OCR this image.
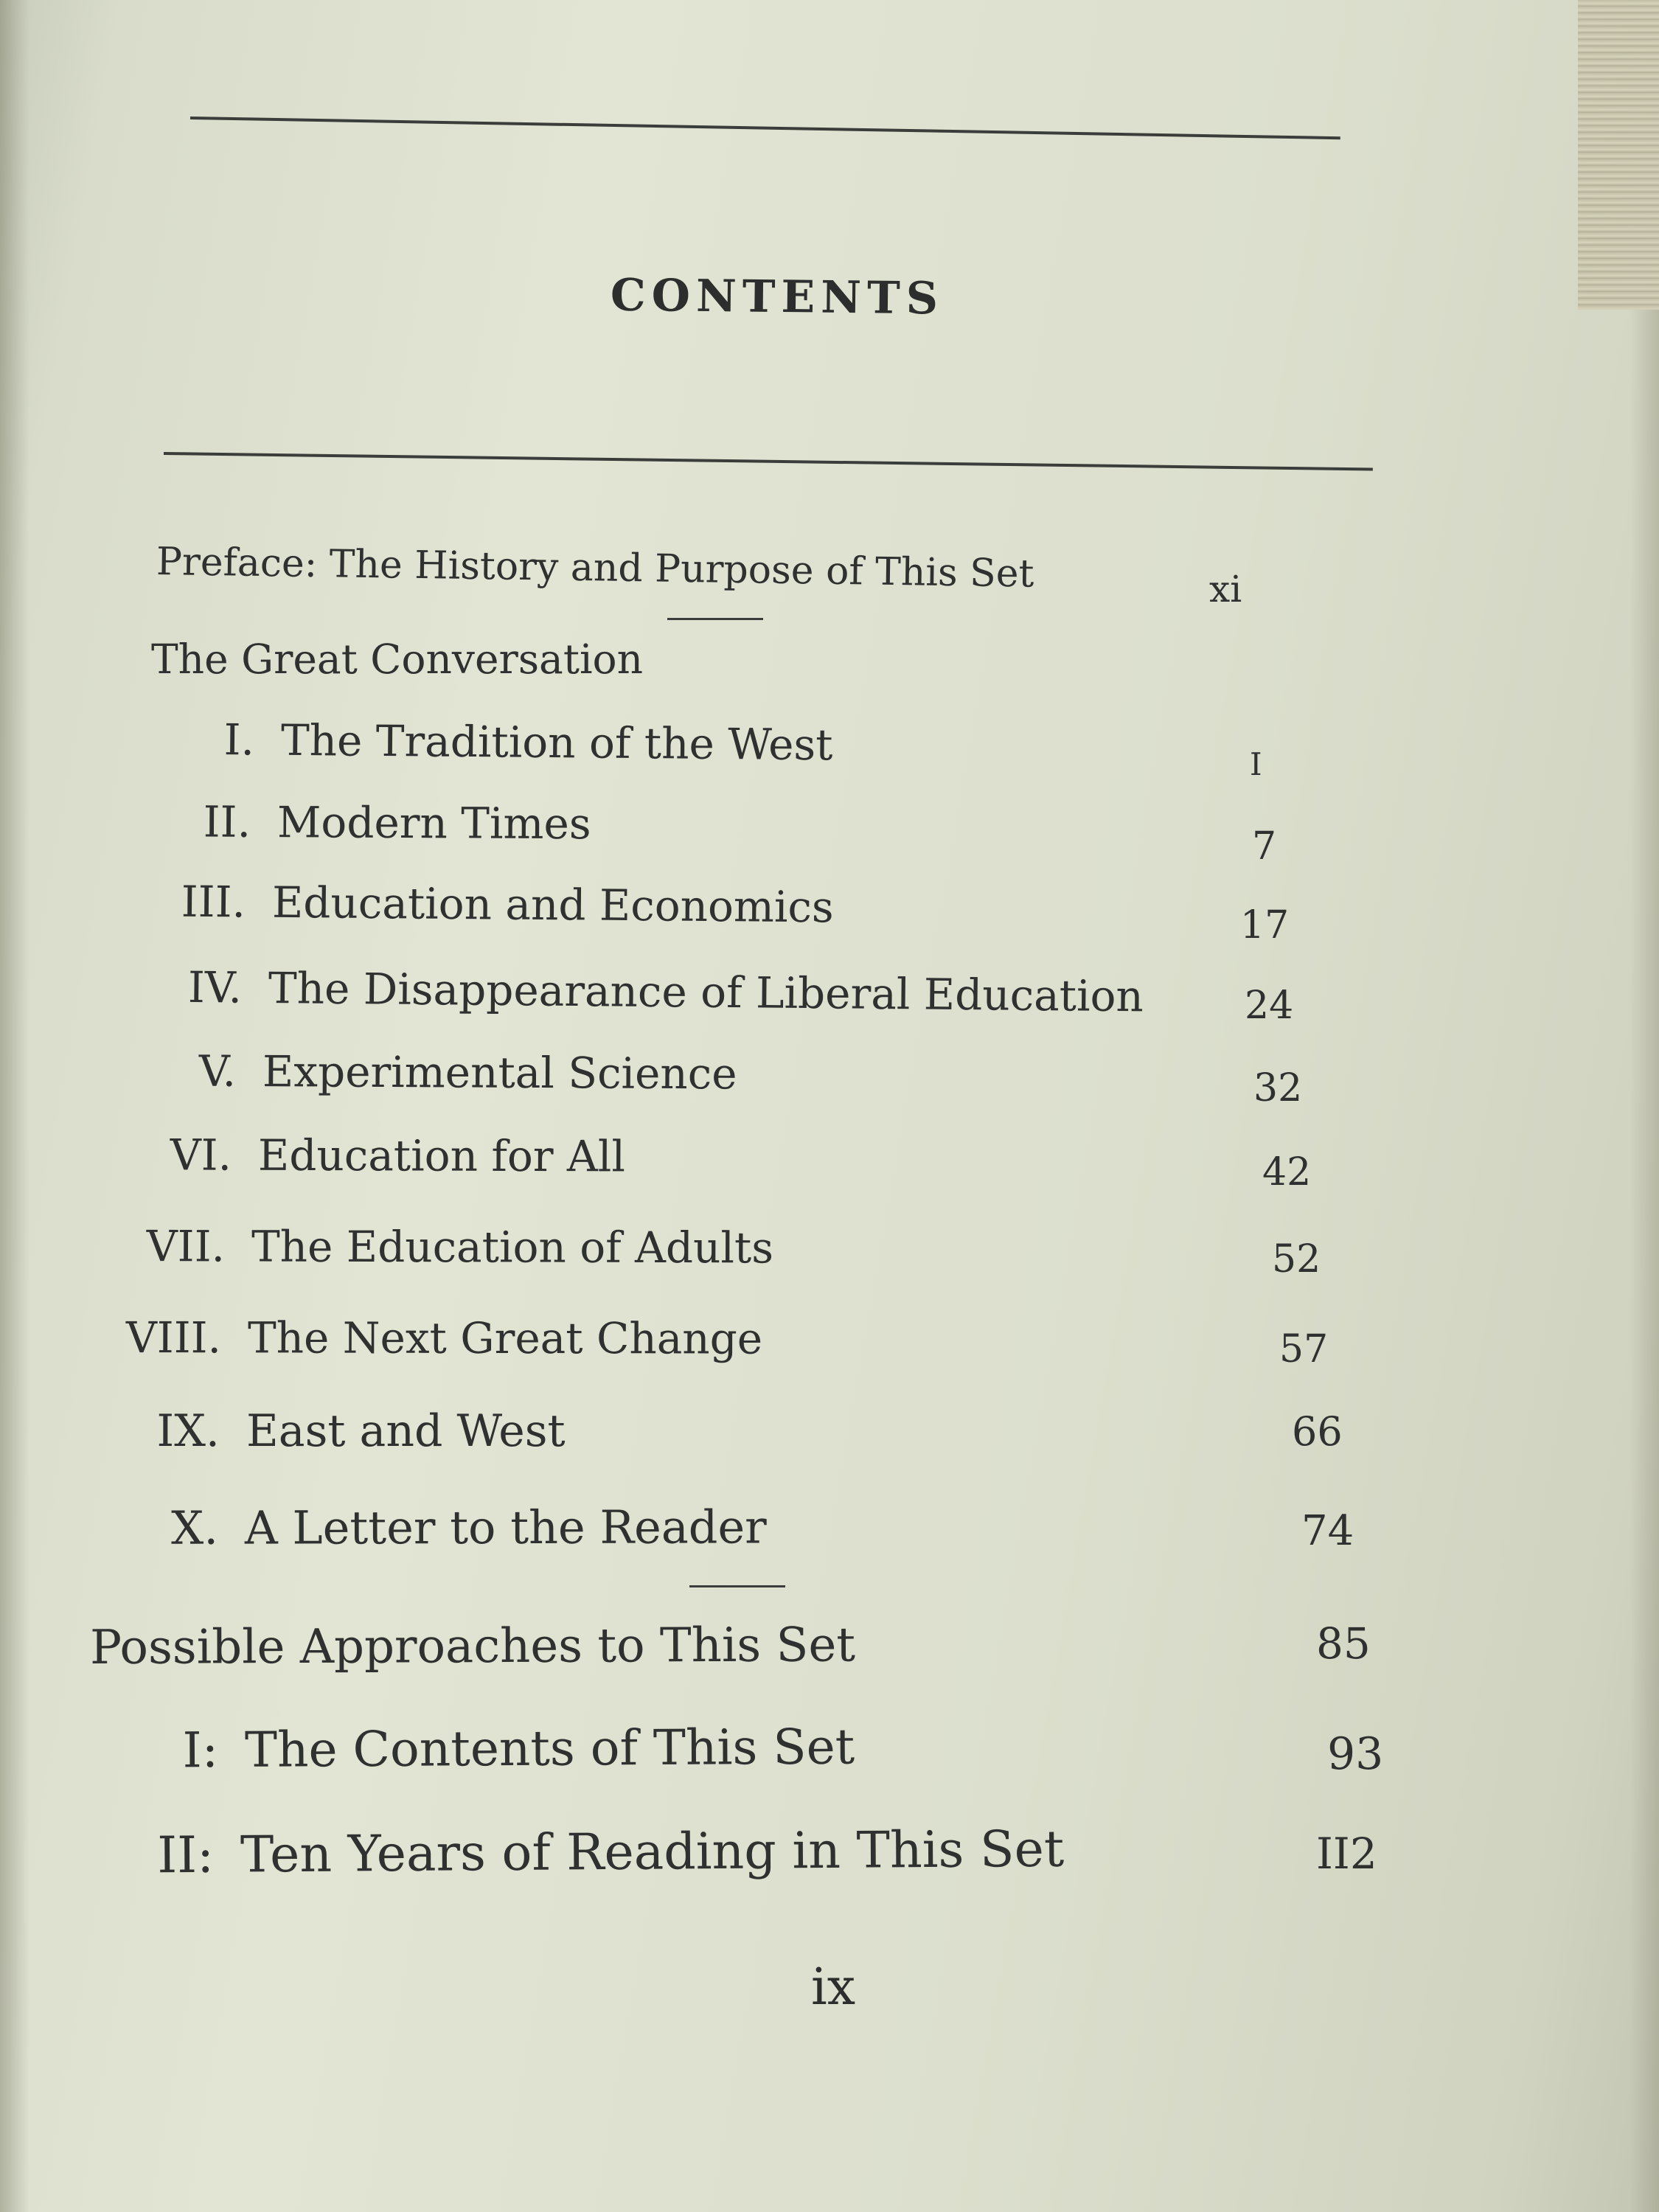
CONTENTS
Preface: The History and Purpose of This Set	xi
The Great Conversation
I. The Tradition of the West	I
II. Modern Times	7
III. Education and Economics	17
IV. The Disappearance of Liberal Education	24
V. Experimental Science	32
VI. Education for All	42
VII. The Education of Adults	52
VIII. The Next Great Change	57
IX. East and West	66
X. A Letter to the Reader	74
Possible Approaches to This Set	85
I: The Contents of This Set	93
II: Ten Years of Reading in This Set	II2
ix
